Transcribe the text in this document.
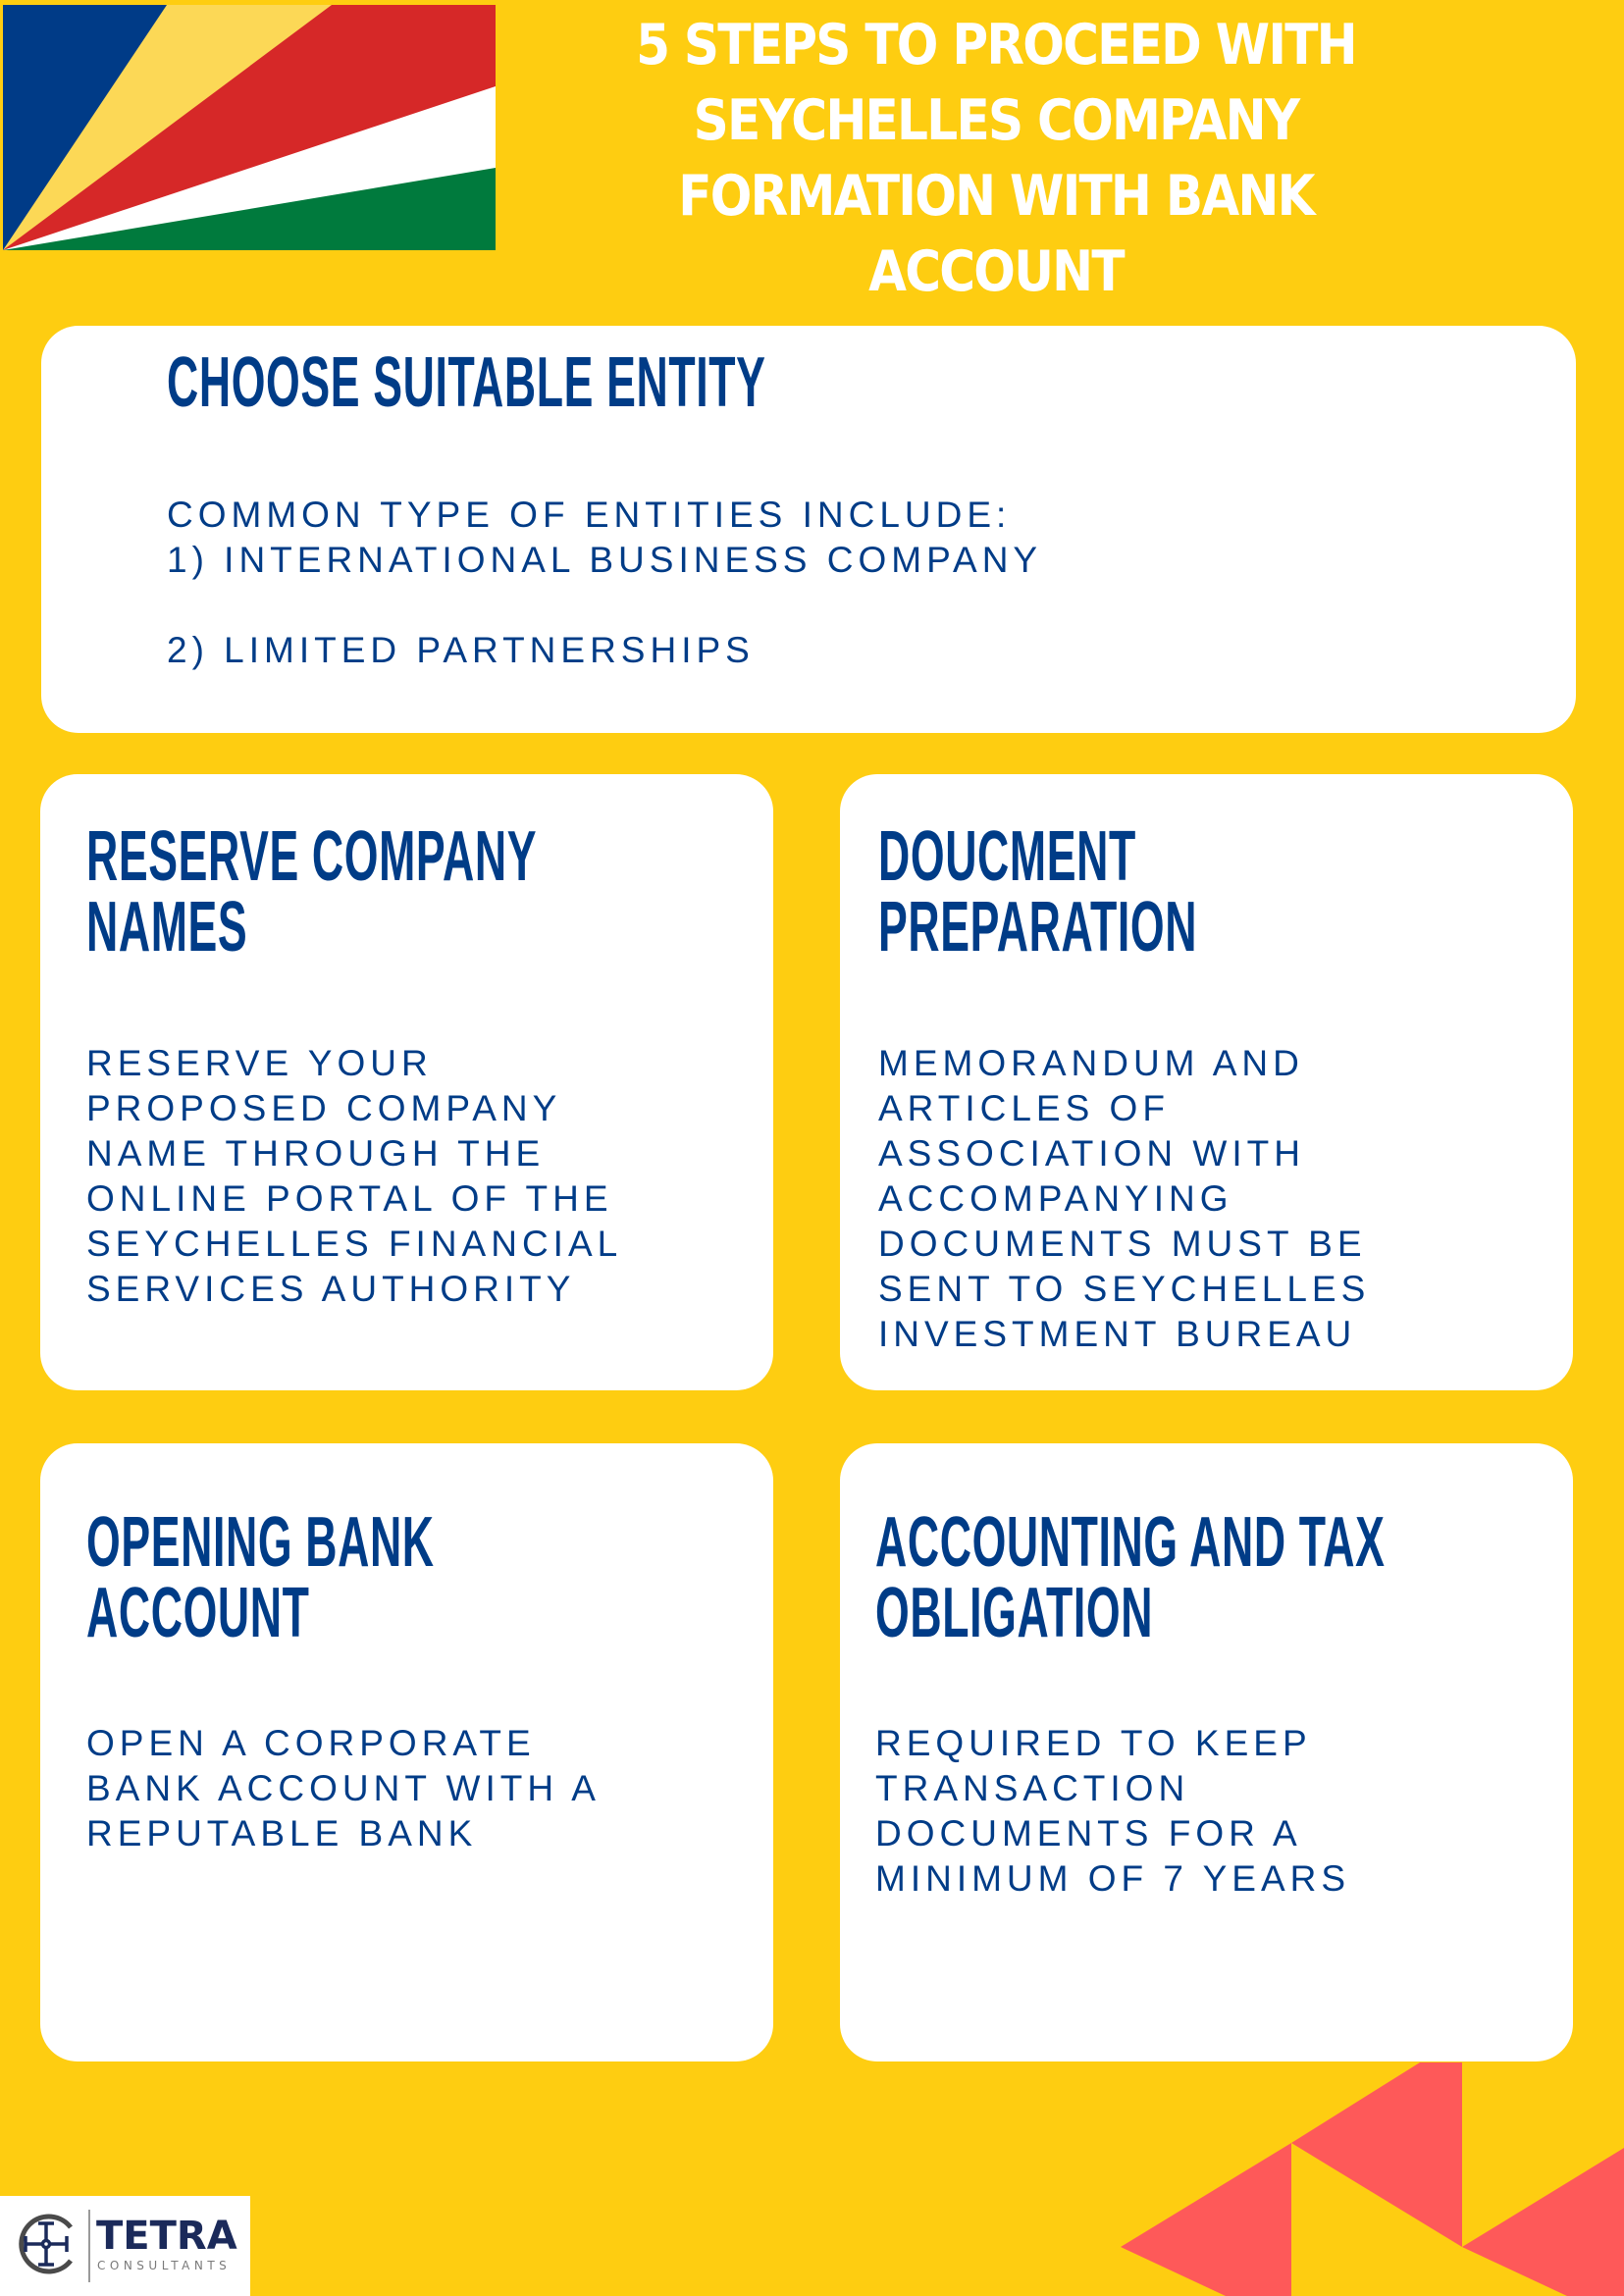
5 STEPS TO PROCEED WITH
SEYCHELLES COMPANY
FORMATION WITH BANK
ACCOUNT
CHOOSE SUITABLE ENTITY
COMMON TYPE OF ENTITIES INCLUDE:
1) INTERNATIONAL BUSINESS COMPANY
2) LIMITED PARTNERSHIPS
RESERVE COMPANY
NAMES
RESERVE YOUR
PROPOSED COMPANY
NAME THROUGH THE
ONLINE PORTAL OF THE
SEYCHELLES FINANCIAL
SERVICES AUTHORITY
DOUCMENT
PREPARATION
MEMORANDUM AND
ARTICLES OF
ASSOCIATION WITH
ACCOMPANYING
DOCUMENTS MUST BE
SENT TO SEYCHELLES
INVESTMENT BUREAU
OPENING BANK
ACCOUNT
OPEN A CORPORATE
BANK ACCOUNT WITH A
REPUTABLE BANK
ACCOUNTING AND TAX
OBLIGATION
REQUIRED TO KEEP
TRANSACTION
DOCUMENTS FOR A
MINIMUM OF 7 YEARS
TETRA
CONSULTANTS
